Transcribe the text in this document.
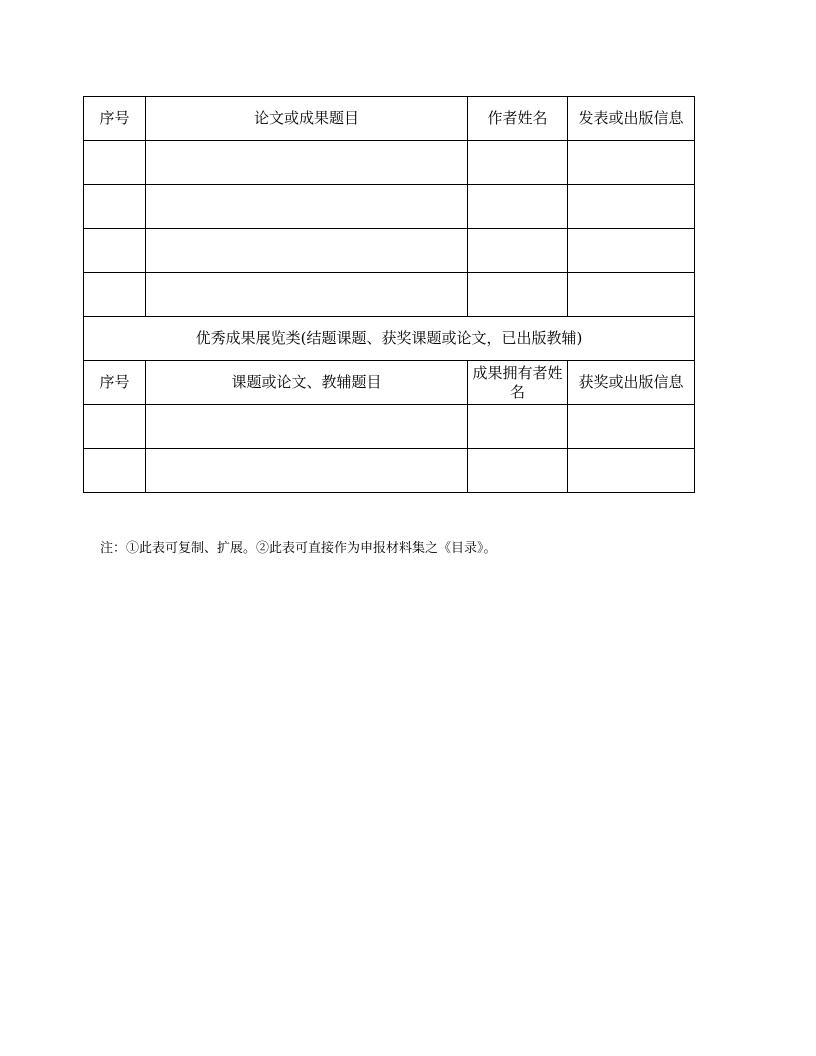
序号	论文或成果题目	作者姓名	发表或出版信息

优秀成果展览类(结题课题、获奖课题或论文，已出版教辅)			
序号	课题或论文、教辅题目	成果拥有者姓名	获奖或出版信息

注：①此表可复制、扩展。②此表可直接作为申报材料集之《目录》。
